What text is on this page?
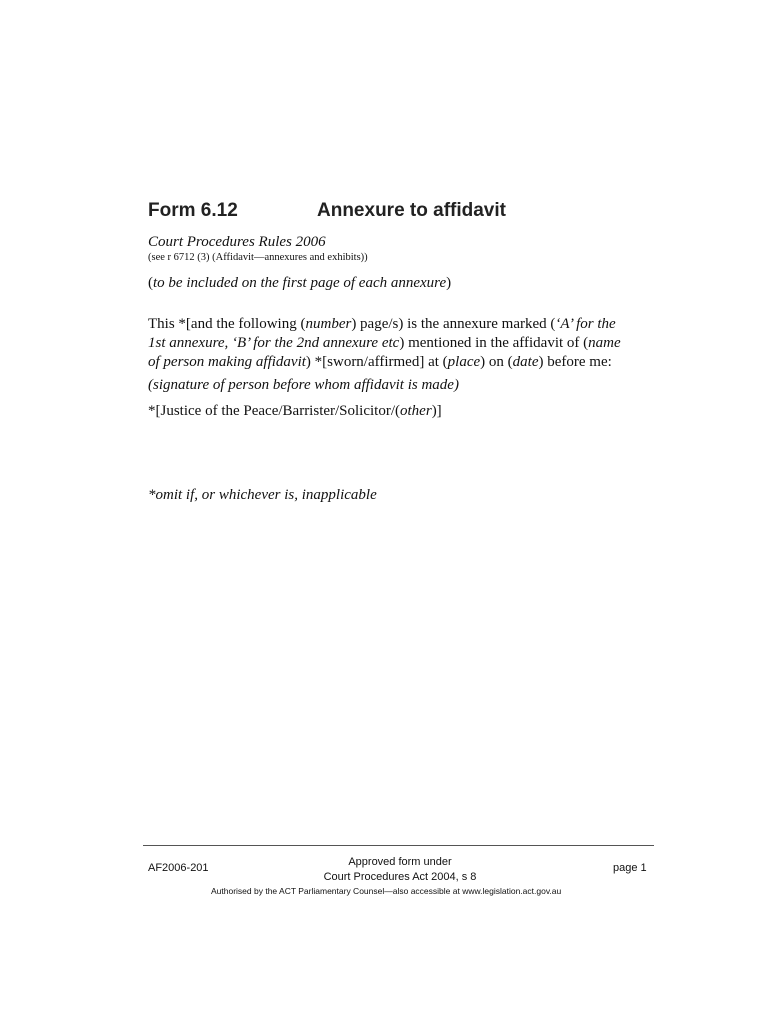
Form 6.12	Annexure to affidavit
Court Procedures Rules 2006
(see r 6712 (3) (Affidavit—annexures and exhibits))
(to be included on the first page of each annexure)
This *[and the following (number) page/s) is the annexure marked (‘A’ for the
1st annexure, ‘B’ for the 2nd annexure etc) mentioned in the affidavit of (name
of person making affidavit) *[sworn/affirmed] at (place) on (date) before me:
(signature of person before whom affidavit is made)
*[Justice of the Peace/Barrister/Solicitor/(other)]
*omit if, or whichever is, inapplicable
AF2006-201	Approved form under
Court Procedures Act 2004, s 8
page 1
Authorised by the ACT Parliamentary Counsel—also accessible at www.legislation.act.gov.au
